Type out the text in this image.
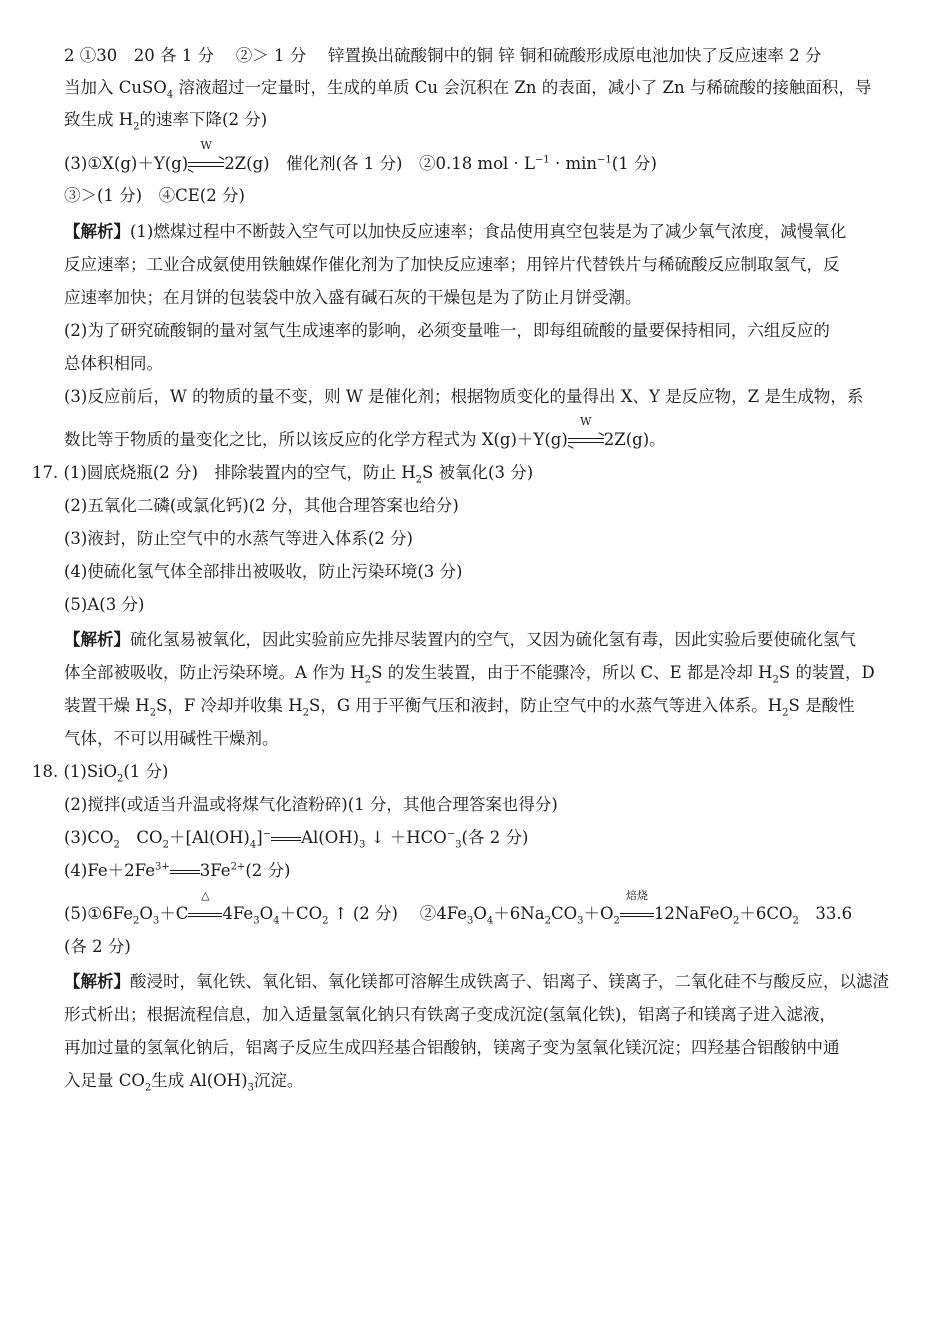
2 ①30　20 各 1 分　 ②＞ 1 分　 锌置换出硫酸铜中的铜 锌 铜和硫酸形成原电池加快了反应速率 2 分
当加入 CuSO$_4$ 溶液超过一定量时，生成的单质 Cu 会沉积在 Zn 的表面，减小了 Zn 与稀硫酸的接触面积，导
致生成 $H_2$的速率下降(2 分)
(3)①X(g)＋Y(g)
W
2Z(g)　催化剂(各 1 分)　②0.18 mol · $L^{-1} \cdot \min^{-1}(1$ 分)
③＞(1 分)　④CE(2 分)
【解析】(1)燃煤过程中不断鼓入空气可以加快反应速率；食品使用真空包装是为了减少氧气浓度，减慢氧化
反应速率；工业合成氨使用铁触媒作催化剂为了加快反应速率；用锌片代替铁片与稀硫酸反应制取氢气，反
应速率加快；在月饼的包装袋中放入盛有碱石灰的干燥包是为了防止月饼受潮。
(2)为了研究硫酸铜的量对氢气生成速率的影响，必须变量唯一，即每组硫酸的量要保持相同，六组反应的
总体积相同。
(3)反应前后，W 的物质的量不变，则 W 是催化剂；根据物质变化的量得出 X、Y 是反应物，Z 是生成物，系
数比等于物质的量变化之比，所以该反应的化学方程式为 X(g)＋Y(g)
W
2Z(g)。
17. (1)圆底烧瓶(2 分)　排除装置内的空气，防止 $H_2S$ 被氧化(3 分)
(2)五氧化二磷(或氯化钙)(2 分，其他合理答案也给分)
(3)液封，防止空气中的水蒸气等进入体系(2 分)
(4)使硫化氢气体全部排出被吸收，防止污染环境(3 分)
(5)A(3 分)
【解析】硫化氢易被氧化，因此实验前应先排尽装置内的空气，又因为硫化氢有毒，因此实验后要使硫化氢气
体全部被吸收，防止污染环境。A 作为 $H_2S$ 的发生装置，由于不能骤冷，所以 C、E 都是冷却 $H_2S$ 的装置，D
装置干燥 $H_2S$，F 冷却并收集 $H_2S$，G 用于平衡气压和液封，防止空气中的水蒸气等进入体系。$H_2S$ 是酸性
气体，不可以用碱性干燥剂。
18. (1)SiO$_2$(1 分)
(2)搅拌(或适当升温或将煤气化渣粉碎)(1 分，其他合理答案也得分)
$(3)CO_2$　$CO_2+[Al(OH)_4]^-$ $Al(OH)_3$ ↓ $+HCO^-_3$(各 2 分)
$(4)Fe+2Fe^{3+}$ $3Fe^{2+}(2$ 分)
$(5)①6Fe_2O_3+C$
△
$4Fe_3O_4+CO_2$ ↑ (2 分)　 $②4Fe_3O_4+6Na_2CO_3+O_2$
焙烧
$12NaFeO_2+6CO_2$　33.6
(各 2 分)
【解析】酸浸时，氧化铁、氧化铝、氧化镁都可溶解生成铁离子、铝离子、镁离子，二氧化硅不与酸反应，以滤渣
形式析出；根据流程信息，加入适量氢氧化钠只有铁离子变成沉淀(氢氧化铁)，铝离子和镁离子进入滤液，
再加过量的氢氧化钠后，铝离子反应生成四羟基合铝酸钠，镁离子变为氢氧化镁沉淀；四羟基合铝酸钠中通
入足量 $CO_2$生成 $Al(OH)_3$沉淀。
